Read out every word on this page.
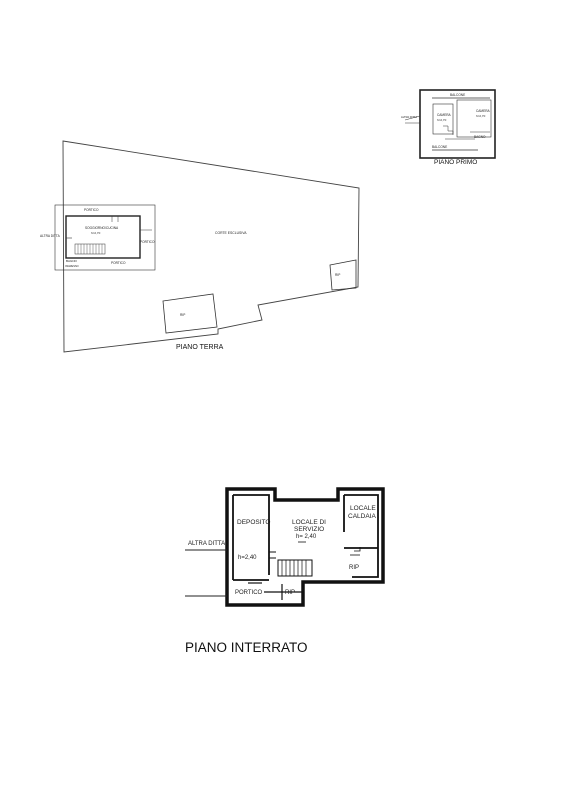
BALCONE
CAMERA
h=2,70
CAMERA
h=2,70
BAGNO
BALCONE
ALTRA DITTA
PORTICO
SOGGIORNO/CUCINA
h=2,70
PORTICO
ALTRA DITTA
BAGNO
INGRESSO
PORTICO
CORTE ESCLUSIVA
RIP
RIP
DEPOSITO
h=2,40
LOCALE DI
SERVIZIO
h= 2,40
LOCALE
CALDAIA
ALTRA DITTA
RIP
PORTICO	RIP
PIANO PRIMO
PIANO TERRA
PIANO INTERRATO
